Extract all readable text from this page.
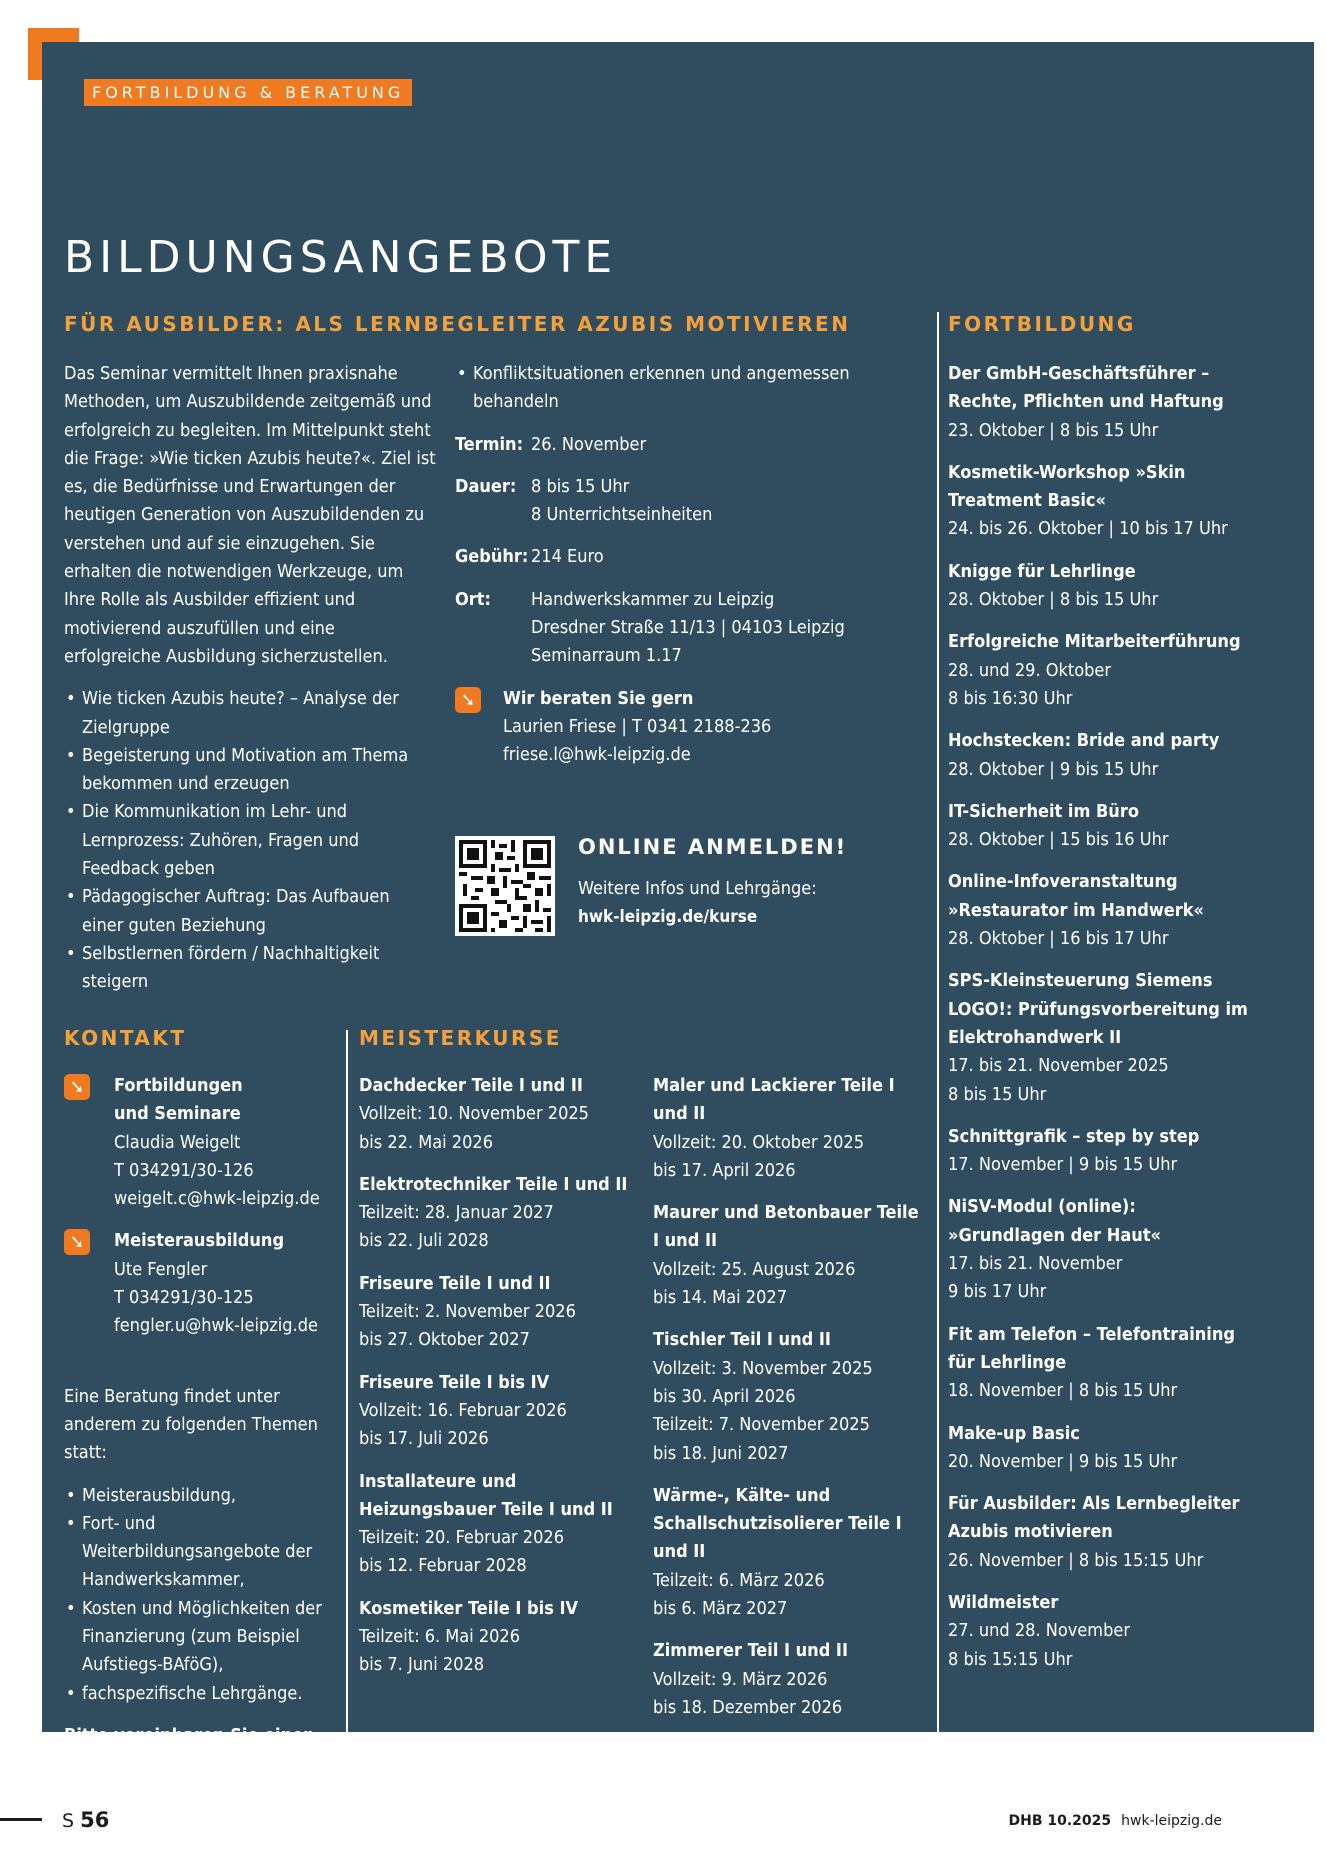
FORTBILDUNG & BERATUNG
BILDUNGSANGEBOTE
FÜR AUSBILDER: ALS LERNBEGLEITER AZUBIS MOTIVIEREN

Das Seminar vermittelt Ihnen praxisnahe Methoden, um Auszubildende zeitgemäß und erfolgreich zu begleiten. Im Mittelpunkt steht die Frage: »Wie ticken Azubis heute?«. Ziel ist es, die Bedürfnisse und Erwartungen der heutigen Generation von Auszubildenden zu verstehen und auf sie einzugehen. Sie erhalten die notwendigen Werkzeuge, um Ihre Rolle als Ausbilder effizient und motivierend auszufüllen und eine erfolgreiche Ausbildung sicherzustellen.

• Wie ticken Azubis heute? – Analyse der Zielgruppe
• Begeisterung und Motivation am Thema bekommen und erzeugen
• Die Kommunikation im Lehr- und Lernprozess: Zuhören, Fragen und Feedback geben
• Pädagogischer Auftrag: Das Aufbauen einer guten Beziehung
• Selbstlernen fördern / Nachhaltigkeit steigern
• Konfliktsituationen erkennen und angemessen behandeln
Termin: 26. November
Dauer: 8 bis 15 Uhr
8 Unterrichtseinheiten
Gebühr: 214 Euro
Ort:	Handwerkskammer zu Leipzig
Dresdner Straße 11/13 | 04103 Leipzig
Seminarraum 1.17
➘	Wir beraten Sie gern
Laurien Friese | T 0341 2188-236
friese.l@hwk-leipzig.de
ONLINE ANMELDEN!
Weitere Infos und Lehrgänge:
hwk-leipzig.de/kurse
KONTAKT
➘	Fortbildungen
und Seminare
Claudia Weigelt
T 034291/30-126
weigelt.c@hwk-leipzig.de
➘	Meisterausbildung
Ute Fengler
T 034291/30-125
fengler.u@hwk-leipzig.de

Eine Beratung findet unter anderem zu folgenden Themen statt:

• Meisterausbildung,
• Fort- und Weiterbildungsangebote der Handwerkskammer,
• Kosten und Möglichkeiten der Finanzierung (zum Beispiel Aufstiegs-BAföG),
• fachspezifische Lehrgänge.

Bitte vereinbaren Sie einen individuellen Termin.

MEISTERKURSE
Dachdecker Teile I und II
Vollzeit: 10. November 2025
bis 22. Mai 2026
Elektrotechniker Teile I und II
Teilzeit: 28. Januar 2027
bis 22. Juli 2028
Friseure Teile I und II
Teilzeit: 2. November 2026
bis 27. Oktober 2027
Friseure Teile I bis IV
Vollzeit: 16. Februar 2026
bis 17. Juli 2026
Installateure und Heizungsbauer Teile I und II
Teilzeit: 20. Februar 2026
bis 12. Februar 2028
Kosmetiker Teile I bis IV
Teilzeit: 6. Mai 2026
bis 7. Juni 2028
Maler und Lackierer Teile I und II
Vollzeit: 20. Oktober 2025
bis 17. April 2026
Maurer und Betonbauer Teile I und II
Vollzeit: 25. August 2026
bis 14. Mai 2027
Tischler Teil I und II
Vollzeit: 3. November 2025
bis 30. April 2026
Teilzeit: 7. November 2025
bis 18. Juni 2027
Wärme-, Kälte- und Schallschutzisolierer Teile I und II
Teilzeit: 6. März 2026
bis 6. März 2027
Zimmerer Teil I und II
Vollzeit: 9. März 2026
bis 18. Dezember 2026
FORTBILDUNG
Der GmbH-Geschäftsführer – Rechte, Pflichten und Haftung
23. Oktober | 8 bis 15 Uhr
Kosmetik-Workshop »Skin Treatment Basic«
24. bis 26. Oktober | 10 bis 17 Uhr
Knigge für Lehrlinge
28. Oktober | 8 bis 15 Uhr
Erfolgreiche Mitarbeiterführung
28. und 29. Oktober
8 bis 16:30 Uhr
Hochstecken: Bride and party
28. Oktober | 9 bis 15 Uhr
IT-Sicherheit im Büro
28. Oktober | 15 bis 16 Uhr
Online-Infoveranstaltung »Restaurator im Handwerk«
28. Oktober | 16 bis 17 Uhr
SPS-Kleinsteuerung Siemens LOGO!: Prüfungsvorbereitung im Elektrohandwerk II
17. bis 21. November 2025
8 bis 15 Uhr
Schnittgrafik – step by step
17. November | 9 bis 15 Uhr
NiSV-Modul (online): »Grundlagen der Haut«
17. bis 21. November
9 bis 17 Uhr
Fit am Telefon – Telefontraining für Lehrlinge
18. November | 8 bis 15 Uhr
Make-up Basic
20. November | 9 bis 15 Uhr
Für Ausbilder: Als Lernbegleiter Azubis motivieren
26. November | 8 bis 15:15 Uhr
Wildmeister
27. und 28. November
8 bis 15:15 Uhr
S 56	DHB 10.2025 hwk-leipzig.de
